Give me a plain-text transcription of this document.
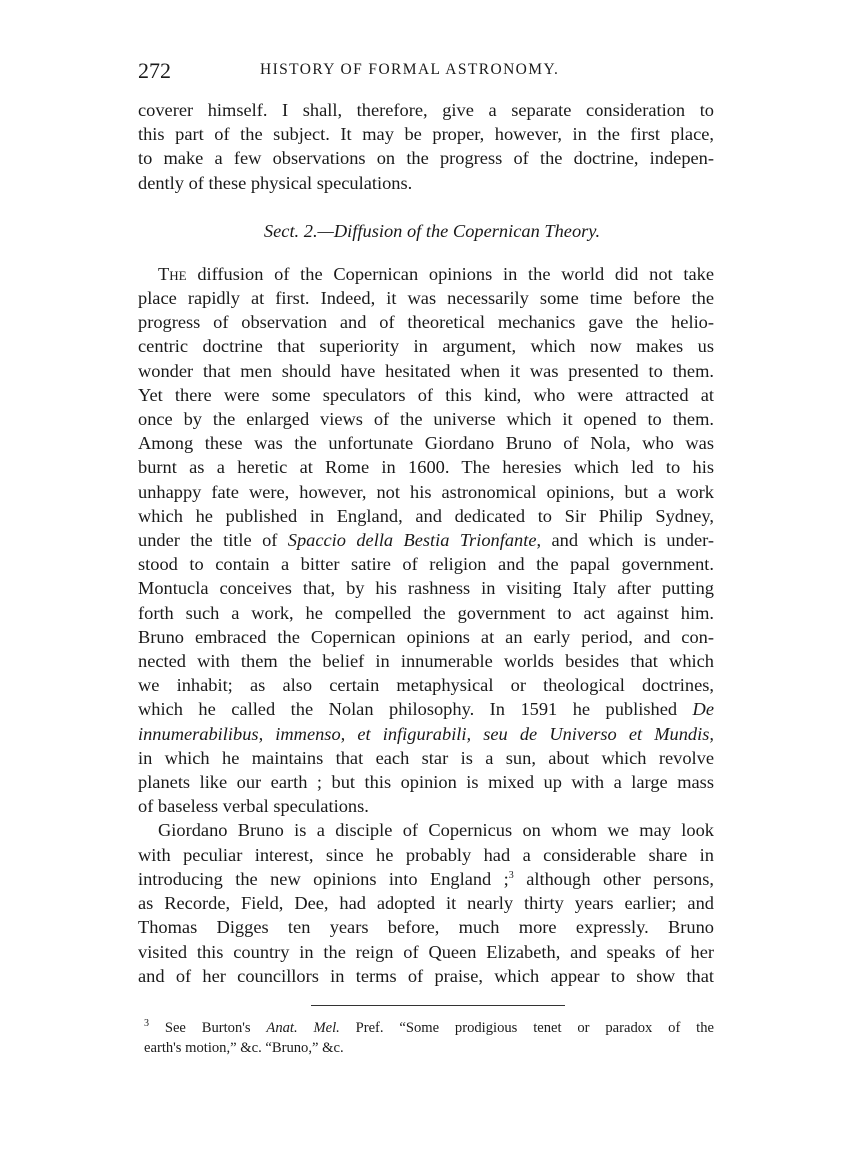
272	HISTORY OF FORMAL ASTRONOMY.

coverer himself. I shall, therefore, give a separate consideration to
this part of the subject. It may be proper, however, in the first place,
to make a few observations on the progress of the doctrine, indepen-
dently of these physical speculations.

Sect. 2.—Diffusion of the Copernican Theory.

The diffusion of the Copernican opinions in the world did not take
place rapidly at first. Indeed, it was necessarily some time before the
progress of observation and of theoretical mechanics gave the helio-
centric doctrine that superiority in argument, which now makes us
wonder that men should have hesitated when it was presented to them.
Yet there were some speculators of this kind, who were attracted at
once by the enlarged views of the universe which it opened to them.
Among these was the unfortunate Giordano Bruno of Nola, who was
burnt as a heretic at Rome in 1600. The heresies which led to his
unhappy fate were, however, not his astronomical opinions, but a work
which he published in England, and dedicated to Sir Philip Sydney,
under the title of Spaccio della Bestia Trionfante, and which is under-
stood to contain a bitter satire of religion and the papal government.
Montucla conceives that, by his rashness in visiting Italy after putting
forth such a work, he compelled the government to act against him.
Bruno embraced the Copernican opinions at an early period, and con-
nected with them the belief in innumerable worlds besides that which
we inhabit; as also certain metaphysical or theological doctrines,
which he called the Nolan philosophy. In 1591 he published De
innumerabilibus, immenso, et infigurabili, seu de Universo et Mundis,
in which he maintains that each star is a sun, about which revolve
planets like our earth ; but this opinion is mixed up with a large mass
of baseless verbal speculations.

Giordano Bruno is a disciple of Copernicus on whom we may look
with peculiar interest, since he probably had a considerable share in
introducing the new opinions into England ;$^3$ although other persons,
as Recorde, Field, Dee, had adopted it nearly thirty years earlier; and
Thomas Digges ten years before, much more expressly. Bruno
visited this country in the reign of Queen Elizabeth, and speaks of her
and of her councillors in terms of praise, which appear to show that

$^3$ See Burton's Anat. Mel. Pref. “Some prodigious tenet or paradox of the
earth's motion,” &c. “Bruno,” &c.
